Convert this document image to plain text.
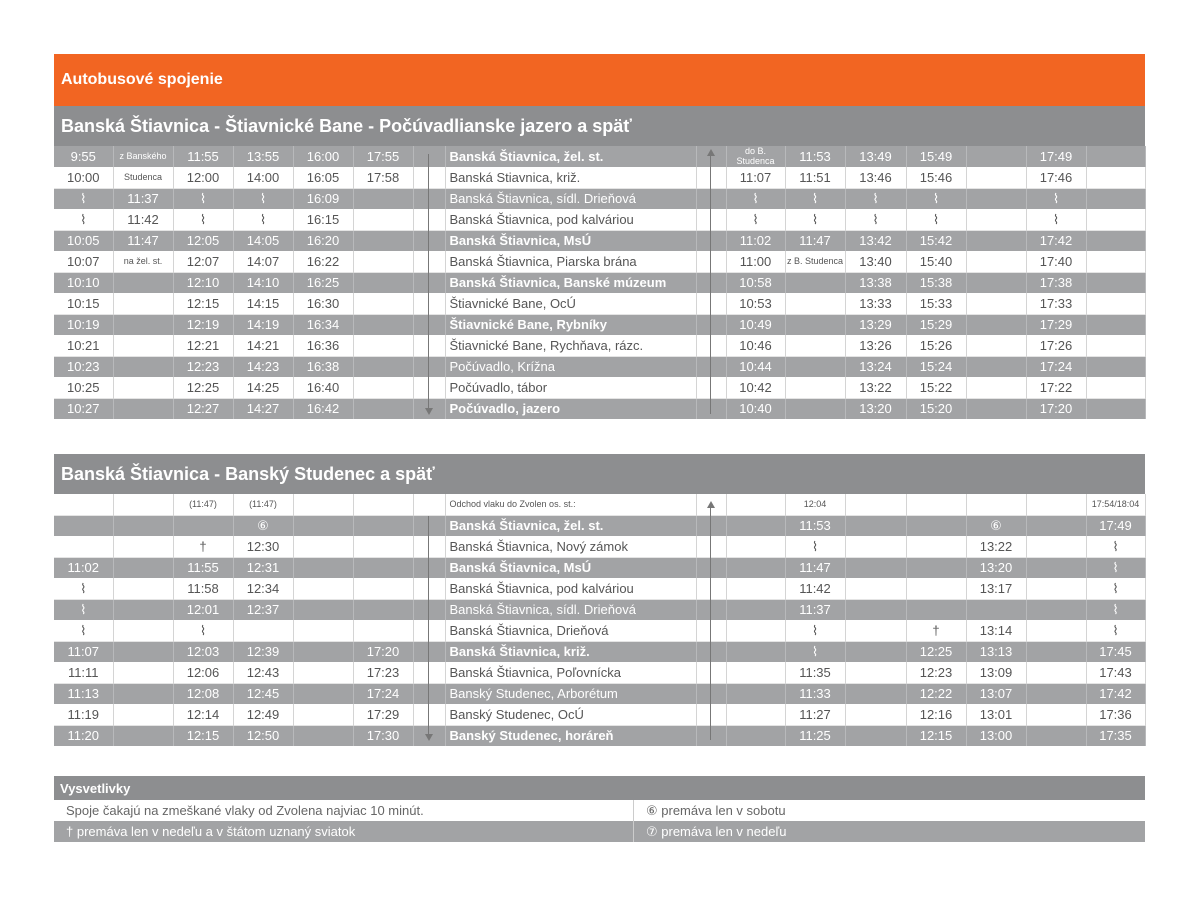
Autobusové spojenie
Banská Štiavnica - Štiavnické Bane - Počúvadlianske jazero a späť
9:55	z Banského	11:55	13:55	16:00	17:55		Banská Štiavnica, žel. st.		do B. Studenca	11:53	13:49	15:49		17:49	
10:00	Studenca	12:00	14:00	16:05	17:58		Banská Stiavnica, križ.		11:07	11:51	13:46	15:46		17:46	
⌇	11:37	⌇	⌇	16:09			Banská Štiavnica, sídl. Drieňová		⌇	⌇	⌇	⌇		⌇	
⌇	11:42	⌇	⌇	16:15			Banská Štiavnica, pod kalváriou		⌇	⌇	⌇	⌇		⌇	
10:05	11:47	12:05	14:05	16:20			Banská Štiavnica, MsÚ		11:02	11:47	13:42	15:42		17:42	
10:07	na žel. st.	12:07	14:07	16:22			Banská Štiavnica, Piarska brána		11:00	z B. Studenca	13:40	15:40		17:40	
10:10		12:10	14:10	16:25			Banská Štiavnica, Banské múzeum		10:58		13:38	15:38		17:38	
10:15		12:15	14:15	16:30			Štiavnické Bane, OcÚ		10:53		13:33	15:33		17:33	
10:19		12:19	14:19	16:34			Štiavnické Bane, Rybníky		10:49		13:29	15:29		17:29	
10:21		12:21	14:21	16:36			Štiavnické Bane, Rychňava, rázc.		10:46		13:26	15:26		17:26	
10:23		12:23	14:23	16:38			Počúvadlo, Krížna		10:44		13:24	15:24		17:24	
10:25		12:25	14:25	16:40			Počúvadlo, tábor		10:42		13:22	15:22		17:22	
10:27		12:27	14:27	16:42			Počúvadlo, jazero		10:40		13:20	15:20		17:20	
Banská Štiavnica - Banský Studenec a späť
		(11:47)	(11:47)				Odchod vlaku do Zvolen os. st.:			12:04					17:54/18:04
			⑥				Banská Štiavnica, žel. st.			11:53			⑥		17:49
		†	12:30				Banská Štiavnica, Nový zámok			⌇			13:22		⌇
11:02		11:55	12:31				Banská Štiavnica, MsÚ			11:47			13:20		⌇
⌇		11:58	12:34				Banská Štiavnica, pod kalváriou			11:42			13:17		⌇
⌇		12:01	12:37				Banská Štiavnica, sídl. Drieňová			11:37					⌇
⌇		⌇					Banská Štiavnica, Drieňová			⌇		†	13:14		⌇
11:07		12:03	12:39		17:20		Banská Štiavnica, križ.			⌇		12:25	13:13		17:45
11:11		12:06	12:43		17:23		Banská Štiavnica, Poľovnícka			11:35		12:23	13:09		17:43
11:13		12:08	12:45		17:24		Banský Studenec, Arborétum			11:33		12:22	13:07		17:42
11:19		12:14	12:49		17:29		Banský Studenec, OcÚ			11:27		12:16	13:01		17:36
11:20		12:15	12:50		17:30		Banský Studenec, horáreň			11:25		12:15	13:00		17:35
Vysvetlivky
Spoje čakajú na zmeškané vlaky od Zvolena najviac 10 minút.	⑥ premáva len v sobotu
† premáva len v nedeľu a v štátom uznaný sviatok	⑦ premáva len v nedeľu
